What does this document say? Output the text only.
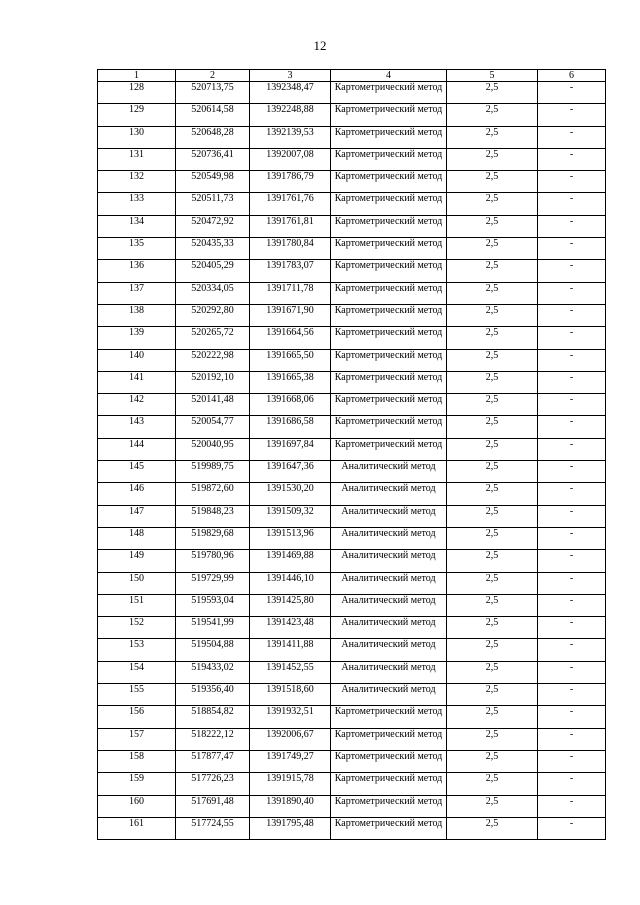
12
1	2	3	4	5	6
128	520713,75	1392348,47	Картометрический метод	2,5	-
129	520614,58	1392248,88	Картометрический метод	2,5	-
130	520648,28	1392139,53	Картометрический метод	2,5	-
131	520736,41	1392007,08	Картометрический метод	2,5	-
132	520549,98	1391786,79	Картометрический метод	2,5	-
133	520511,73	1391761,76	Картометрический метод	2,5	-
134	520472,92	1391761,81	Картометрический метод	2,5	-
135	520435,33	1391780,84	Картометрический метод	2,5	-
136	520405,29	1391783,07	Картометрический метод	2,5	-
137	520334,05	1391711,78	Картометрический метод	2,5	-
138	520292,80	1391671,90	Картометрический метод	2,5	-
139	520265,72	1391664,56	Картометрический метод	2,5	-
140	520222,98	1391665,50	Картометрический метод	2,5	-
141	520192,10	1391665,38	Картометрический метод	2,5	-
142	520141,48	1391668,06	Картометрический метод	2,5	-
143	520054,77	1391686,58	Картометрический метод	2,5	-
144	520040,95	1391697,84	Картометрический метод	2,5	-
145	519989,75	1391647,36	Аналитический метод	2,5	-
146	519872,60	1391530,20	Аналитический метод	2,5	-
147	519848,23	1391509,32	Аналитический метод	2,5	-
148	519829,68	1391513,96	Аналитический метод	2,5	-
149	519780,96	1391469,88	Аналитический метод	2,5	-
150	519729,99	1391446,10	Аналитический метод	2,5	-
151	519593,04	1391425,80	Аналитический метод	2,5	-
152	519541,99	1391423,48	Аналитический метод	2,5	-
153	519504,88	1391411,88	Аналитический метод	2,5	-
154	519433,02	1391452,55	Аналитический метод	2,5	-
155	519356,40	1391518,60	Аналитический метод	2,5	-
156	518854,82	1391932,51	Картометрический метод	2,5	-
157	518222,12	1392006,67	Картометрический метод	2,5	-
158	517877,47	1391749,27	Картометрический метод	2,5	-
159	517726,23	1391915,78	Картометрический метод	2,5	-
160	517691,48	1391890,40	Картометрический метод	2,5	-
161	517724,55	1391795,48	Картометрический метод	2,5	-
